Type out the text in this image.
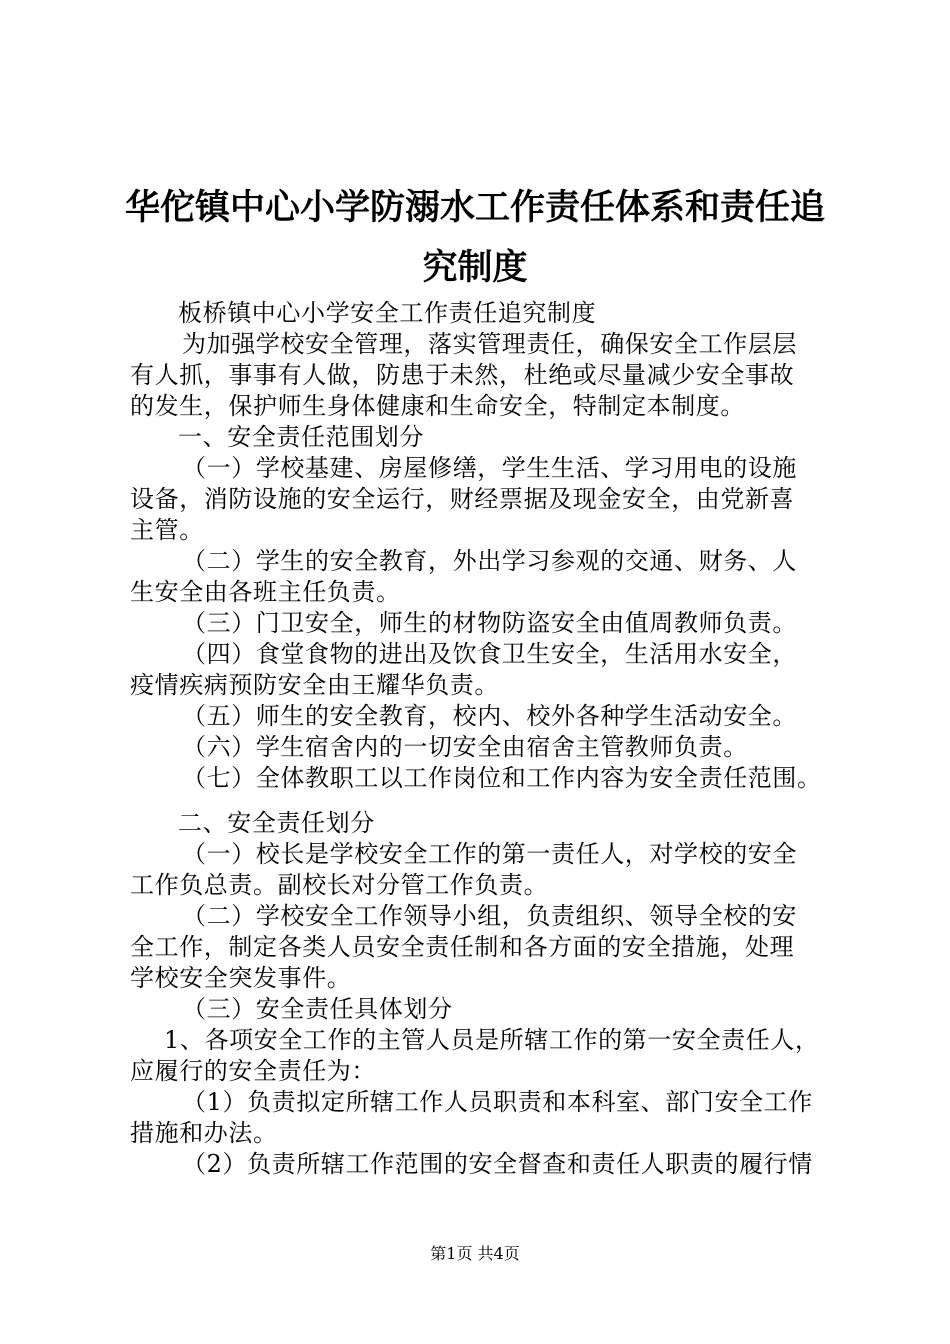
华佗镇中心小学防溺水工作责任体系和责任追
究制度
板桥镇中心小学安全工作责任追究制度
为加强学校安全管理，落实管理责任，确保安全工作层层
有人抓，事事有人做，防患于未然，杜绝或尽量减少安全事故
的发生，保护师生身体健康和生命安全，特制定本制度。
一、安全责任范围划分
（一）学校基建、房屋修缮，学生生活、学习用电的设施
设备，消防设施的安全运行，财经票据及现金安全，由党新喜
主管。
（二）学生的安全教育，外出学习参观的交通、财务、人
生安全由各班主任负责。
（三）门卫安全，师生的材物防盗安全由值周教师负责。
（四）食堂食物的进出及饮食卫生安全，生活用水安全，
疫情疾病预防安全由王耀华负责。
（五）师生的安全教育，校内、校外各种学生活动安全。
（六）学生宿舍内的一切安全由宿舍主管教师负责。
（七）全体教职工以工作岗位和工作内容为安全责任范围。
二、安全责任划分
（一）校长是学校安全工作的第一责任人，对学校的安全
工作负总责。副校长对分管工作负责。
（二）学校安全工作领导小组，负责组织、领导全校的安
全工作，制定各类人员安全责任制和各方面的安全措施，处理
学校安全突发事件。
（三）安全责任具体划分
1、各项安全工作的主管人员是所辖工作的第一安全责任人，
应履行的安全责任为：
（1）负责拟定所辖工作人员职责和本科室、部门安全工作
措施和办法。
（2）负责所辖工作范围的安全督查和责任人职责的履行情
第1页 共4页
